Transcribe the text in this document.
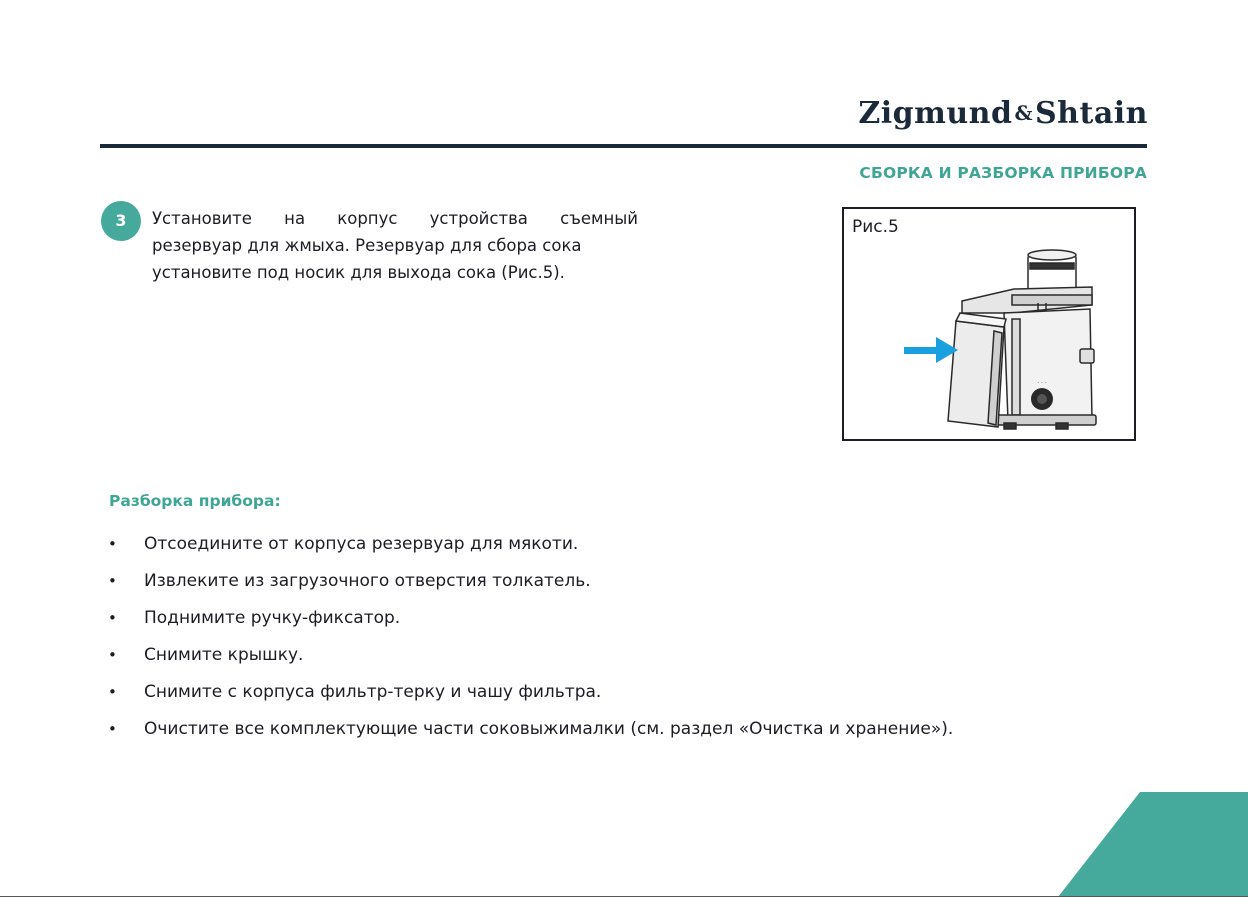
Zigmund &Shtain
СБОРКА И РАЗБОРКА ПРИБОРА
3	Установите на корпус устройства съемный
резервуар для жмыха. Резервуар для сбора сока
установите под носик для выхода сока (Рис.5).
· · ·
Рис.5
Разборка прибора:
• Отсоедините от корпуса резервуар для мякоти.
• Извлеките из загрузочного отверстия толкатель.
• Поднимите ручку-фиксатор.
• Снимите крышку.
• Снимите с корпуса фильтр-терку и чашу фильтра.
• Очистите все комплектующие части соковыжималки (см. раздел «Очистка и хранение»).
